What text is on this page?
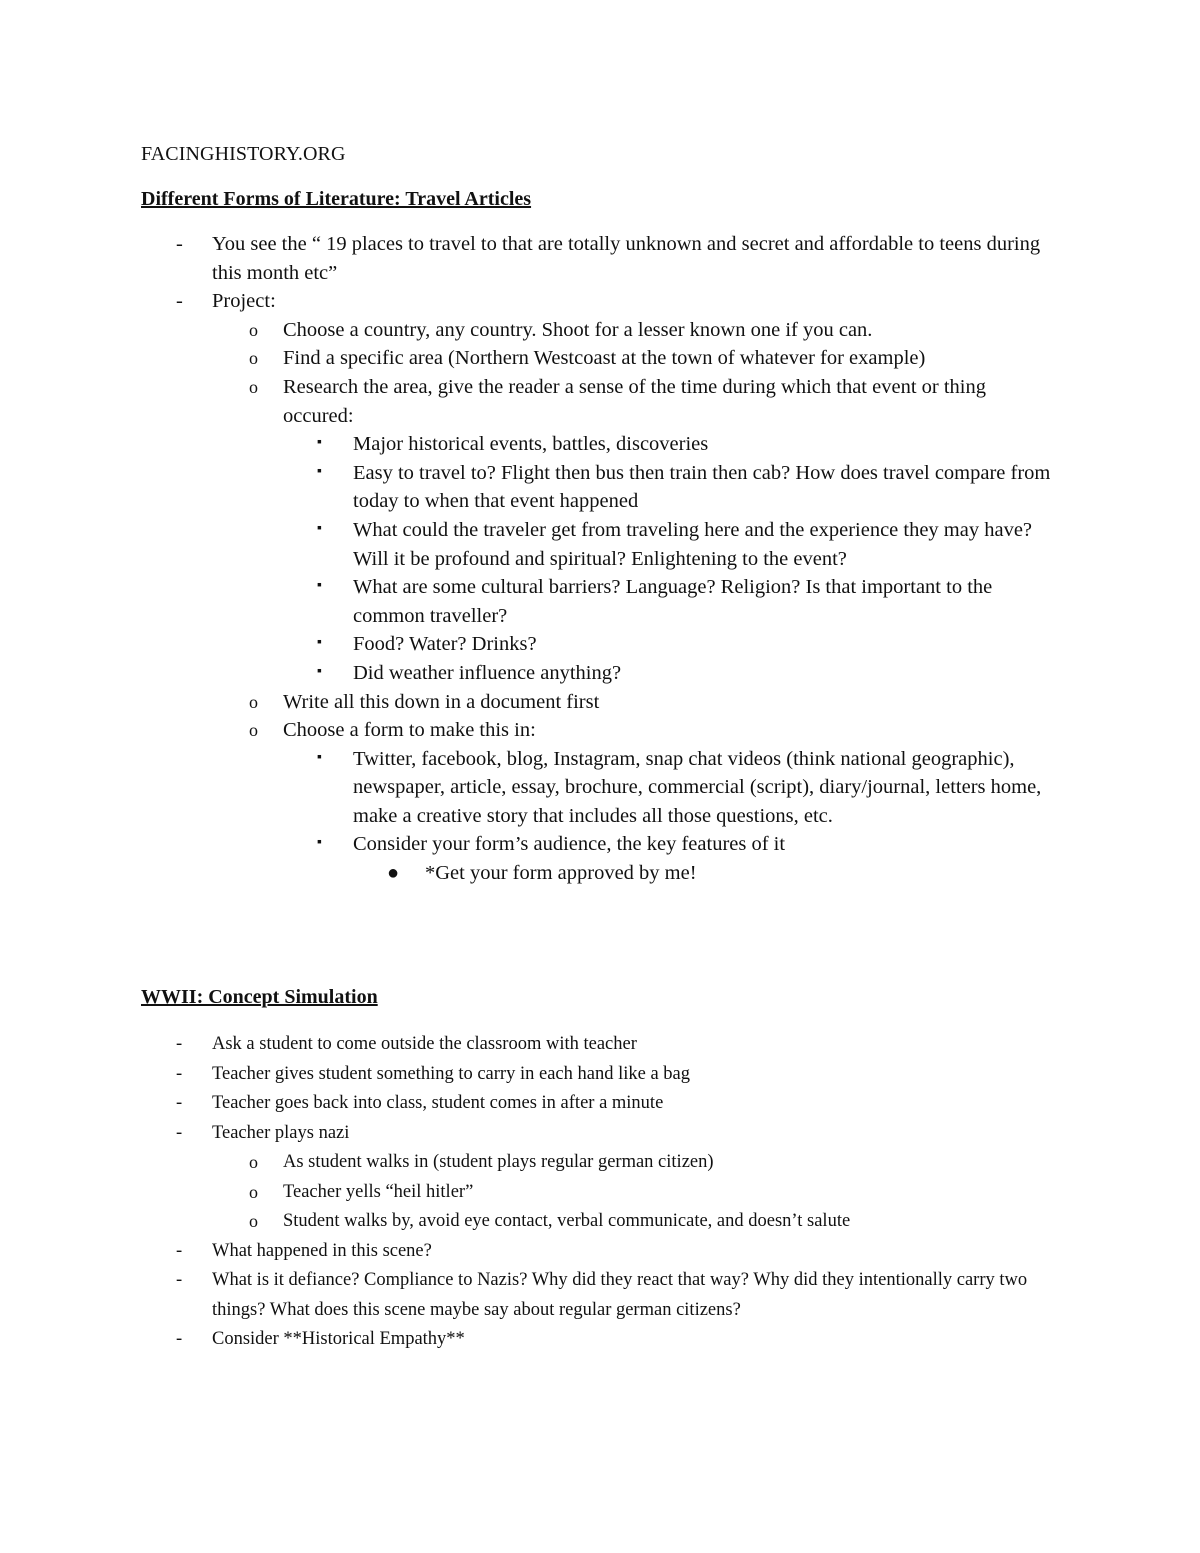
FACINGHISTORY.ORG
Different Forms of Literature: Travel Articles
- You see the “ 19 places to travel to that are totally unknown and secret and affordable to teens during this month etc”
- Project:
o Choose a country, any country. Shoot for a lesser known one if you can.
o Find a specific area (Northern Westcoast at the town of whatever for example)
o Research the area, give the reader a sense of the time during which that event or thing occured:
▪ Major historical events, battles, discoveries
▪ Easy to travel to? Flight then bus then train then cab? How does travel compare from today to when that event happened
▪ What could the traveler get from traveling here and the experience they may have? Will it be profound and spiritual? Enlightening to the event?
▪ What are some cultural barriers? Language? Religion? Is that important to the common traveller?
▪ Food? Water? Drinks?
▪ Did weather influence anything?
o Write all this down in a document first
o Choose a form to make this in:
▪ Twitter, facebook, blog, Instagram, snap chat videos (think national geographic), newspaper, article, essay, brochure, commercial (script), diary/journal, letters home, make a creative story that includes all those questions, etc.
▪ Consider your form’s audience, the key features of it
● *Get your form approved by me!
WWII: Concept Simulation
- Ask a student to come outside the classroom with teacher
- Teacher gives student something to carry in each hand like a bag
- Teacher goes back into class, student comes in after a minute
- Teacher plays nazi
o As student walks in (student plays regular german citizen)
o Teacher yells “heil hitler”
o Student walks by, avoid eye contact, verbal communicate, and doesn’t salute
- What happened in this scene?
- What is it defiance? Compliance to Nazis? Why did they react that way? Why did they intentionally carry two things? What does this scene maybe say about regular german citizens?
- Consider **Historical Empathy**
